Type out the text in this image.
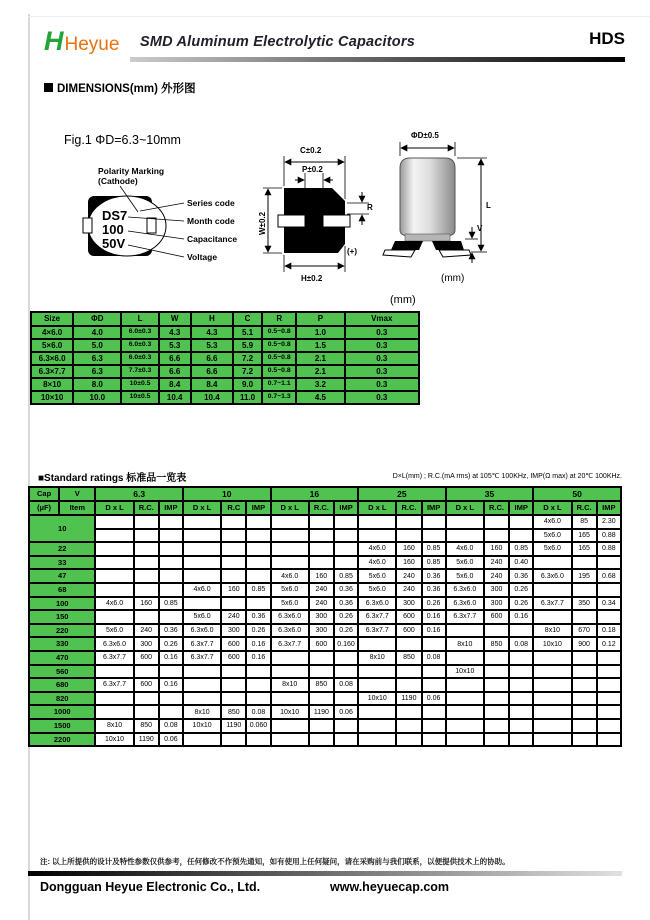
H Heyue SMD Aluminum Electrolytic Capacitors	HDS
DIMENSIONS(mm) 外形图
Fig.1 ΦD=6.3~10mm
Polarity Marking
(Cathode)
DS7
100
50V
Series code
Month code
Capacitance
Voltage
C±0.2
P±0.2
W±0.2
H±0.2
R
(+)
ΦD±0.5
L
V
(mm)
(mm)
Size	ΦD	L	W	H	C	R	P	Vmax
4×6.0	4.0	6.0±0.3	4.3	4.3	5.1	0.5~0.8	1.0	0.3
5×6.0	5.0	6.0±0.3	5.3	5.3	5.9	0.5~0.8	1.5	0.3
6.3×6.0	6.3	6.0±0.3	6.6	6.6	7.2	0.5~0.8	2.1	0.3
6.3×7.7	6.3	7.7±0.3	6.6	6.6	7.2	0.5~0.8	2.1	0.3
8×10	8.0	10±0.5	8.4	8.4	9.0	0.7~1.1	3.2	0.3
10×10	10.0	10±0.5	10.4	10.4	11.0	0.7~1.3	4.5	0.3
■Standard ratings 标准品一览表	D×L(mm) ; R.C.(mA rms) at 105℃ 100KHz, IMP(Ω max) at 20℃ 100KHz.
Cap	V	6.3			10			16			25			35			50		
(µF)	Item	D x L	R.C.	IMP	D x L	R.C	IMP	D x L	R.C.	IMP	D x L	R.C.	IMP	D x L	R.C.	IMP	D x L	R.C.	IMP
10																	4x6.0	85	2.30
																	5x6.0	165	0.88
22											4x6.0	160	0.85	4x6.0	160	0.85	5x6.0	165	0.88
33											4x6.0	160	0.85	5x6.0	240	0.40			
47								4x6.0	160	0.85	5x6.0	240	0.36	5x6.0	240	0.36	6.3x6.0	195	0.68
68					4x6.0	160	0.85	5x6.0	240	0.36	5x6.0	240	0.36	6.3x6.0	300	0.26			
100		4x6.0	160	0.85				5x6.0	240	0.36	6.3x6.0	300	0.26	6.3x6.0	300	0.26	6.3x7.7	350	0.34
150					5x6.0	240	0.36	6.3x6.0	300	0.26	6.3x7.7	600	0.16	6.3x7.7	600	0.16			
220		5x6.0	240	0.36	6.3x6.0	300	0.26	6.3x6.0	300	0.26	6.3x7.7	600	0.16				8x10	670	0.18
330		6.3x6.0	300	0.26	6.3x7.7	600	0.16	6.3x7.7	600	0.160				8x10	850	0.08	10x10	900	0.12
470		6.3x7.7	600	0.16	6.3x7.7	600	0.16				8x10	850	0.08						
560														10x10					
680		6.3x7.7	600	0.16				8x10	850	0.08									
820											10x10	1190	0.06						
1000					8x10	850	0.08	10x10	1190	0.06									
1500		8x10	850	0.08	10x10	1190	0.060												
2200		10x10	1190	0.06															
注: 以上所提供的设计及特性参数仅供参考，任何修改不作预先通知，如有使用上任何疑问，请在采购前与我们联系，以便提供技术上的协助。
Dongguan Heyue Electronic Co., Ltd.	www.heyuecap.com
